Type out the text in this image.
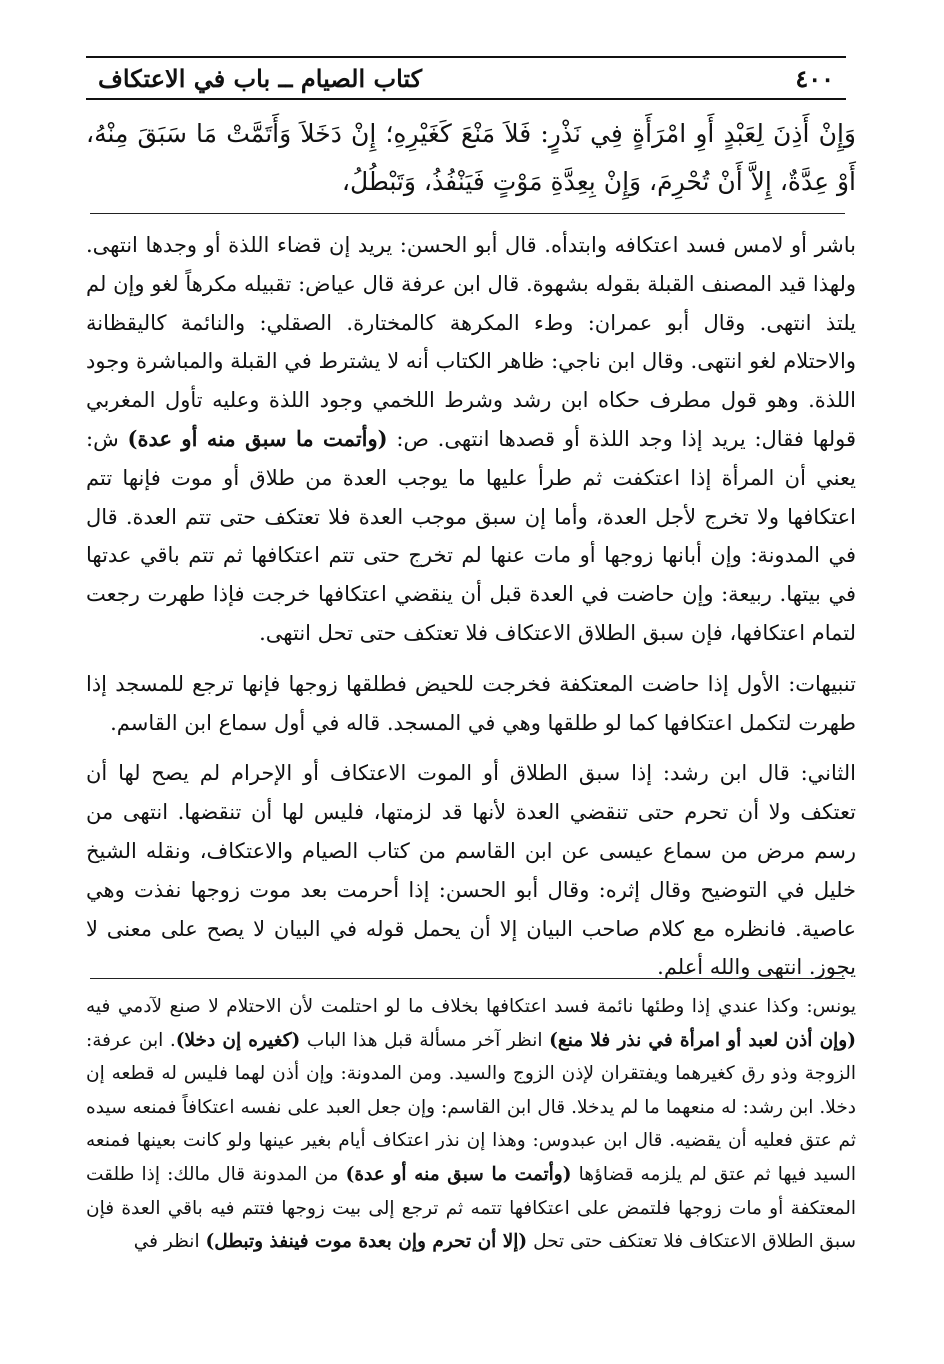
٤٠٠
كتاب الصيام ــ باب في الاعتكاف
وَإِنْ أَذِنَ لِعَبْدٍ أَوِ امْرَأَةٍ فِي نَذْرٍ: فَلاَ مَنْعَ كَغَيْرِهِ؛ إِنْ دَخَلاَ وَأَتَمَّتْ مَا سَبَقَ مِنْهُ، أَوْ عِدَّةٌ، إِلاَّ أَنْ تُحْرِمَ، وَإِنْ بِعِدَّةِ مَوْتٍ فَيَنْفُذُ، وَتَبْطُلُ،

باشر أو لامس فسد اعتكافه وابتدأه. قال أبو الحسن: يريد إن قضاء اللذة أو وجدها انتهى. ولهذا قيد المصنف القبلة بقوله بشهوة. قال ابن عرفة قال عياض: تقبيله مكرهاً لغو وإن لم يلتذ انتهى. وقال أبو عمران: وطء المكرهة كالمختارة. الصقلي: والنائمة كاليقظانة والاحتلام لغو انتهى. وقال ابن ناجي: ظاهر الكتاب أنه لا يشترط في القبلة والمباشرة وجود اللذة. وهو قول مطرف حكاه ابن رشد وشرط اللخمي وجود اللذة وعليه تأول المغربي قولها فقال: يريد إذا وجد اللذة أو قصدها انتهى. ص: (وأتمت ما سبق منه أو عدة) ش: يعني أن المرأة إذا اعتكفت ثم طرأ عليها ما يوجب العدة من طلاق أو موت فإنها تتم اعتكافها ولا تخرج لأجل العدة، وأما إن سبق موجب العدة فلا تعتكف حتى تتم العدة. قال في المدونة: وإن أبانها زوجها أو مات عنها لم تخرج حتى تتم اعتكافها ثم تتم باقي عدتها في بيتها. ربيعة: وإن حاضت في العدة قبل أن ينقضي اعتكافها خرجت فإذا طهرت رجعت لتمام اعتكافها، فإن سبق الطلاق الاعتكاف فلا تعتكف حتى تحل انتهى.

تنبيهات: الأول إذا حاضت المعتكفة فخرجت للحيض فطلقها زوجها فإنها ترجع للمسجد إذا طهرت لتكمل اعتكافها كما لو طلقها وهي في المسجد. قاله في أول سماع ابن القاسم.

الثاني: قال ابن رشد: إذا سبق الطلاق أو الموت الاعتكاف أو الإحرام لم يصح لها أن تعتكف ولا أن تحرم حتى تنقضي العدة لأنها قد لزمتها، فليس لها أن تنقضها. انتهى من رسم مرض من سماع عيسى عن ابن القاسم من كتاب الصيام والاعتكاف، ونقله الشيخ خليل في التوضيح وقال إثره: وقال أبو الحسن: إذا أحرمت بعد موت زوجها نفذت وهي عاصية. فانظره مع كلام صاحب البيان إلا أن يحمل قوله في البيان لا يصح على معنى لا يجوز. انتهى والله أعلم.

يونس: وكذا عندي إذا وطئها نائمة فسد اعتكافها بخلاف ما لو احتلمت لأن الاحتلام لا صنع لآدمي فيه (وإن أذن لعبد أو امرأة في نذر فلا منع) انظر آخر مسألة قبل هذا الباب (كغيره إن دخلا). ابن عرفة: الزوجة وذو رق كغيرهما ويفتقران لإذن الزوج والسيد. ومن المدونة: وإن أذن لهما فليس له قطعه إن دخلا. ابن رشد: له منعهما ما لم يدخلا. قال ابن القاسم: وإن جعل العبد على نفسه اعتكافاً فمنعه سيده ثم عتق فعليه أن يقضيه. قال ابن عبدوس: وهذا إن نذر اعتكاف أيام بغير عينها ولو كانت بعينها فمنعه السيد فيها ثم عتق لم يلزمه قضاؤها (وأتمت ما سبق منه أو عدة) من المدونة قال مالك: إذا طلقت المعتكفة أو مات زوجها فلتمض على اعتكافها تتمه ثم ترجع إلى بيت زوجها فتتم فيه باقي العدة فإن سبق الطلاق الاعتكاف فلا تعتكف حتى تحل (إلا أن تحرم وإن بعدة موت فينفذ وتبطل) انظر في
